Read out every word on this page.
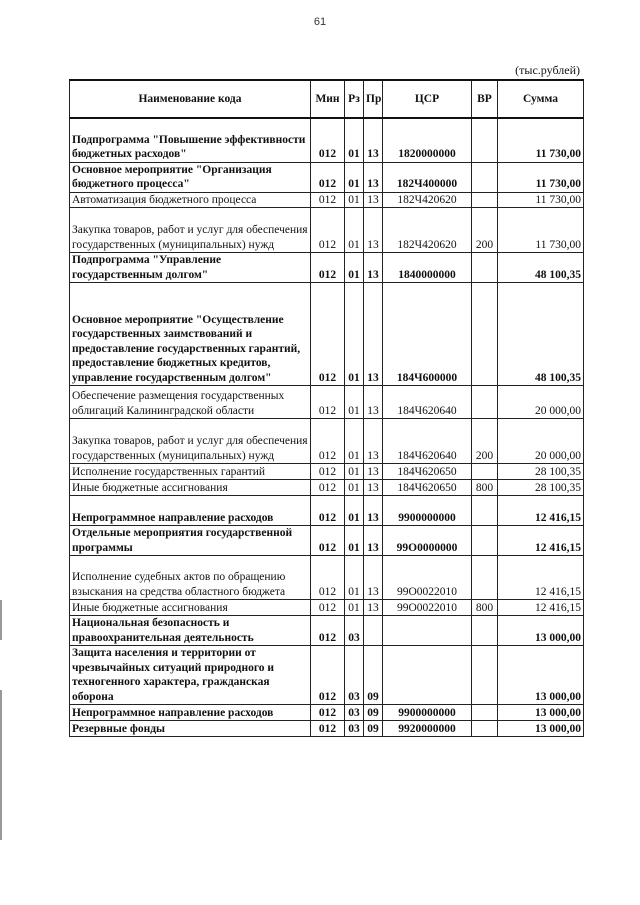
61
(тыс.рублей)
Наименование кода	Мин	Рз	Пр	ЦСР	ВР	Сумма
Подпрограмма "Повышение эффективности бюджетных расходов"	012	01	13	1820000000		11 730,00
Основное мероприятие "Организация бюджетного процесса"	012	01	13	182Ч400000		11 730,00
Автоматизация бюджетного процесса	012	01	13	182Ч420620		11 730,00
Закупка товаров, работ и услуг для обеспечения государственных (муниципальных) нужд	012	01	13	182Ч420620	200	11 730,00
Подпрограмма "Управление государственным долгом"	012	01	13	1840000000		48 100,35
Основное мероприятие "Осуществление государственных заимствований и предоставление государственных гарантий, предоставление бюджетных кредитов, управление государственным долгом"	012	01	13	184Ч600000		48 100,35
Обеспечение размещения государственных облигаций Калининградской области	012	01	13	184Ч620640		20 000,00
Закупка товаров, работ и услуг для обеспечения государственных (муниципальных) нужд	012	01	13	184Ч620640	200	20 000,00
Исполнение государственных гарантий	012	01	13	184Ч620650		28 100,35
Иные бюджетные ассигнования	012	01	13	184Ч620650	800	28 100,35
Непрограммное направление расходов	012	01	13	9900000000		12 416,15
Отдельные мероприятия государственной программы	012	01	13	99О0000000		12 416,15
Исполнение судебных актов по обращению взыскания на средства областного бюджета	012	01	13	99О0022010		12 416,15
Иные бюджетные ассигнования	012	01	13	99О0022010	800	12 416,15
Национальная безопасность и правоохранительная деятельность	012	03				13 000,00
Защита населения и территории от чрезвычайных ситуаций природного и техногенного характера, гражданская оборона	012	03	09			13 000,00
Непрограммное направление расходов	012	03	09	9900000000		13 000,00
Резервные фонды	012	03	09	9920000000		13 000,00
